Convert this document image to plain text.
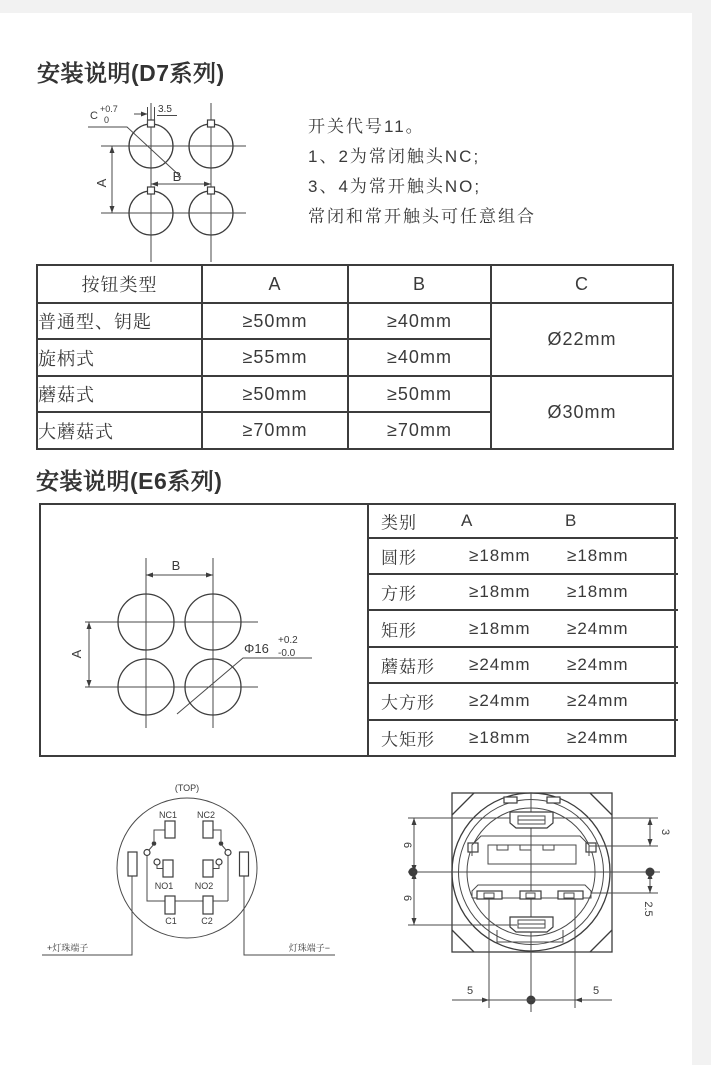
安装说明(D7系列)
开关代号11。
1、2为常闭触头NC;
3、4为常开触头NO;
常闭和常开触头可任意组合
按钮类型	A	B	C
普通型、钥匙	≥50mm	≥40mm	Ø22mm
旋柄式	≥55mm	≥40mm	
蘑菇式	≥50mm	≥50mm	Ø30mm
大蘑菇式	≥70mm	≥70mm	
安装说明(E6系列)
类别	A	B
圆形	≥18mm ≥18mm
方形	≥18mm ≥18mm
矩形	≥18mm ≥24mm
蘑菇形 ≥24mm ≥24mm
大方形 ≥24mm ≥24mm
大矩形 ≥18mm ≥24mm
A	B
C
+0.7
0
3.5
B
A	Φ16
+0.2
-0.0
(TOP)
NC1 NC2
NO1 NO2
C1	C2
+灯珠端子	灯珠端子−
6
6
3
2.5
5	5
